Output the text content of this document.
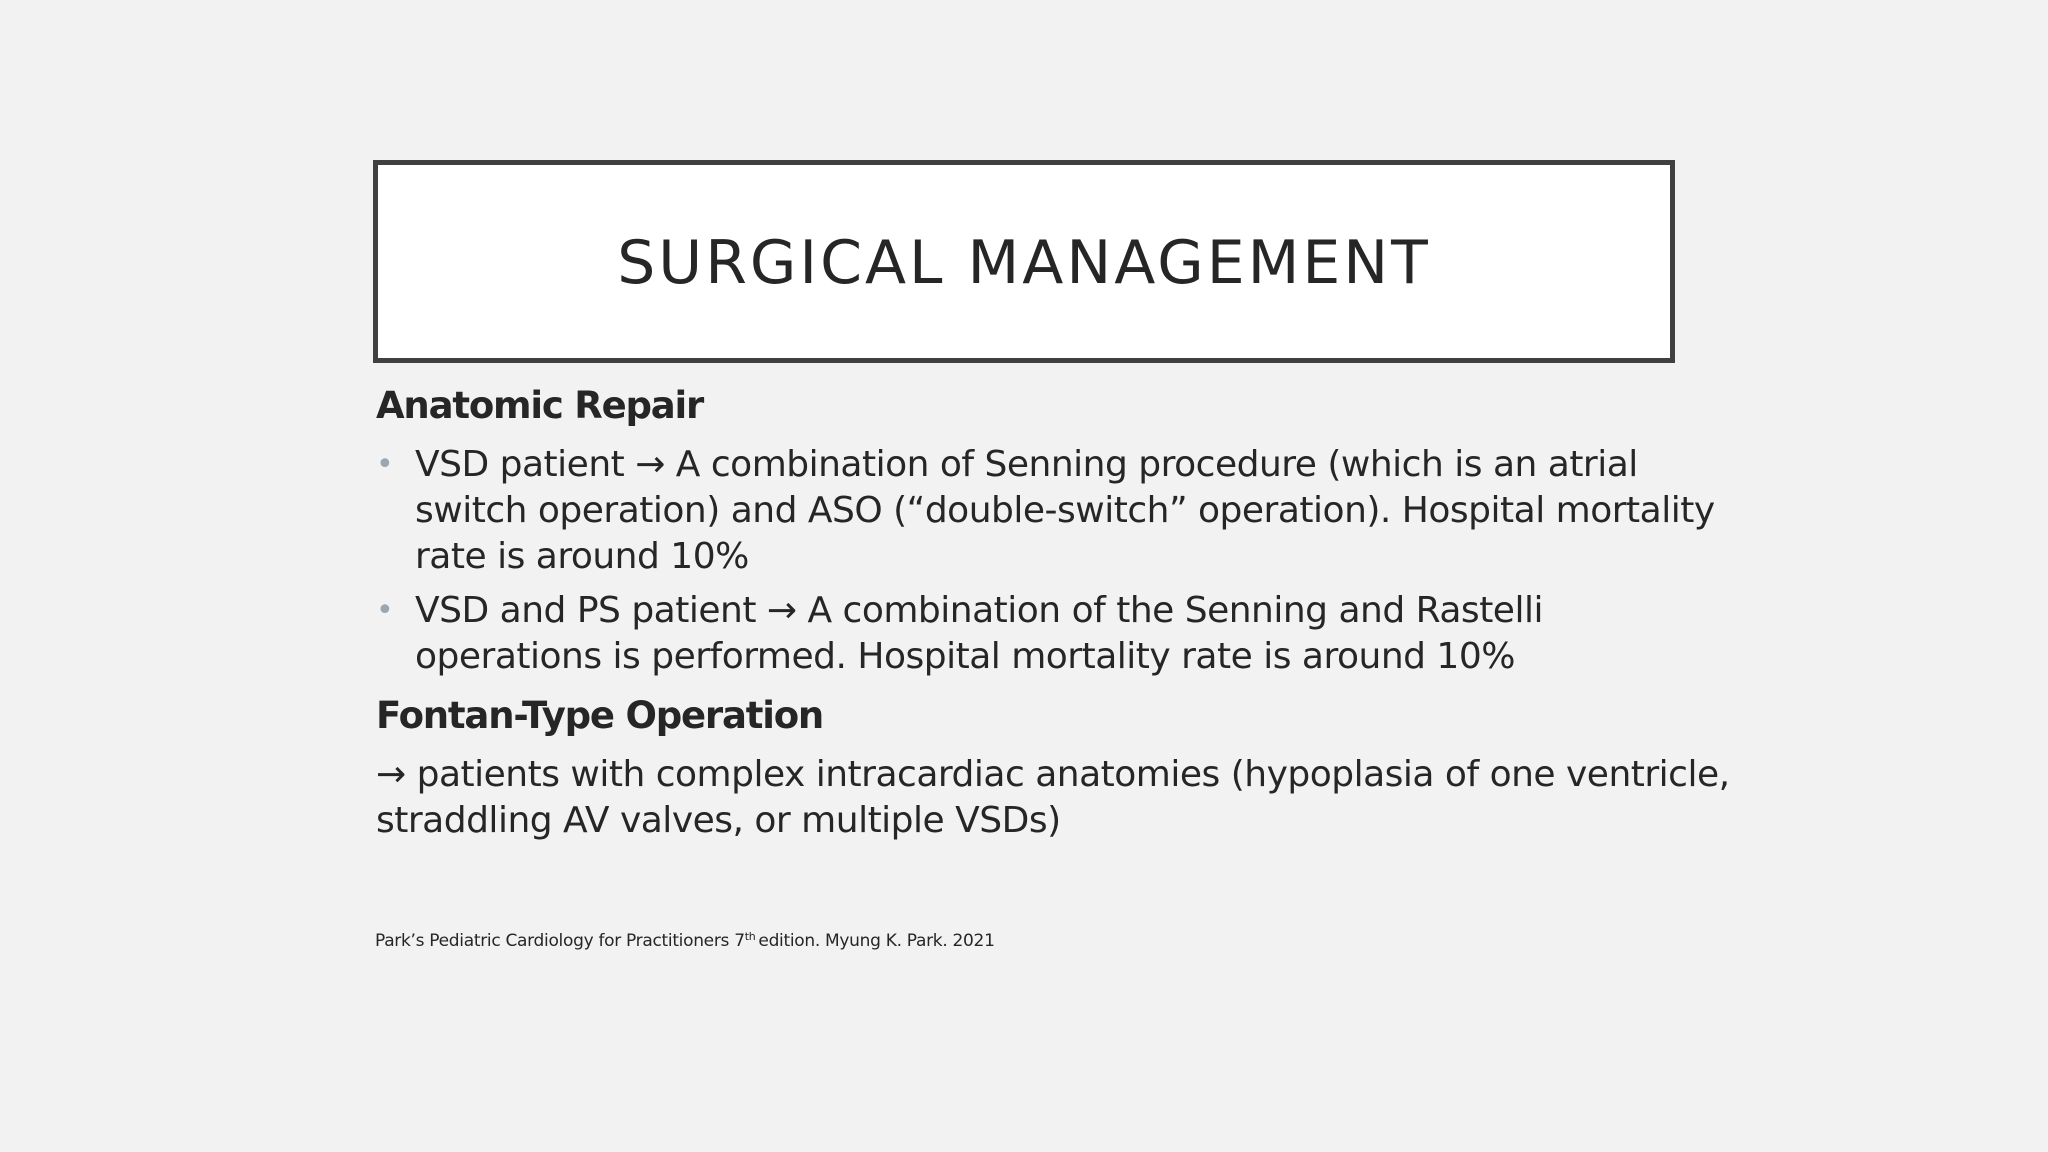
SURGICAL MANAGEMENT
Anatomic Repair
• VSD patient → A combination of Senning procedure (which is an atrial
switch operation) and ASO (“double-switch” operation). Hospital mortality
rate is around 10%
• VSD and PS patient → A combination of the Senning and Rastelli
operations is performed. Hospital mortality rate is around 10%
Fontan-Type Operation
→ patients with complex intracardiac anatomies (hypoplasia of one ventricle,
straddling AV valves, or multiple VSDs)
Park’s Pediatric Cardiology for Practitioners 7th edition. Myung K. Park. 2021
